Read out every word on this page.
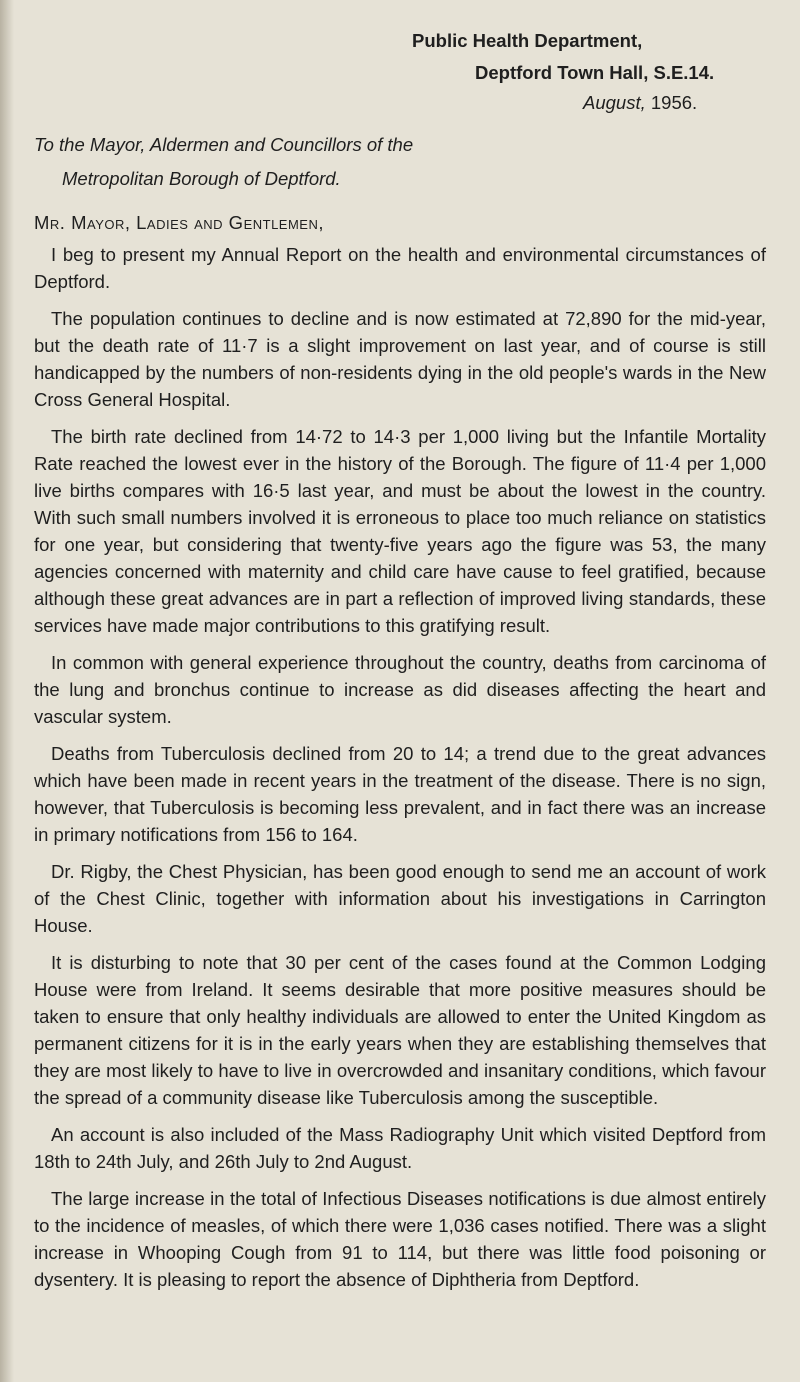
Public Health Department,
Deptford Town Hall, S.E.14.
August, 1956.
To the Mayor, Aldermen and Councillors of the
Metropolitan Borough of Deptford.
Mr. Mayor, Ladies and Gentlemen,

I beg to present my Annual Report on the health and environmental circumstances of Deptford.

The population continues to decline and is now estimated at 72,890 for the mid-year, but the death rate of 11·7 is a slight improvement on last year, and of course is still handicapped by the numbers of non-residents dying in the old people's wards in the New Cross General Hospital.

The birth rate declined from 14·72 to 14·3 per 1,000 living but the Infantile Mortality Rate reached the lowest ever in the history of the Borough. The figure of 11·4 per 1,000 live births compares with 16·5 last year, and must be about the lowest in the country. With such small numbers involved it is erroneous to place too much reliance on statistics for one year, but considering that twenty-five years ago the figure was 53, the many agencies concerned with maternity and child care have cause to feel gratified, because although these great advances are in part a reflection of improved living standards, these services have made major contributions to this gratifying result.

In common with general experience throughout the country, deaths from carcinoma of the lung and bronchus continue to increase as did diseases affecting the heart and vascular system.

Deaths from Tuberculosis declined from 20 to 14; a trend due to the great advances which have been made in recent years in the treatment of the disease. There is no sign, however, that Tuberculosis is becoming less prevalent, and in fact there was an increase in primary notifications from 156 to 164.

Dr. Rigby, the Chest Physician, has been good enough to send me an account of work of the Chest Clinic, together with information about his investigations in Carrington House.

It is disturbing to note that 30 per cent of the cases found at the Common Lodging House were from Ireland. It seems desirable that more positive measures should be taken to ensure that only healthy individuals are allowed to enter the United Kingdom as permanent citizens for it is in the early years when they are establishing themselves that they are most likely to have to live in overcrowded and insanitary conditions, which favour the spread of a community disease like Tuberculosis among the susceptible.

An account is also included of the Mass Radiography Unit which visited Deptford from 18th to 24th July, and 26th July to 2nd August.

The large increase in the total of Infectious Diseases notifications is due almost entirely to the incidence of measles, of which there were 1,036 cases notified. There was a slight increase in Whooping Cough from 91 to 114, but there was little food poisoning or dysentery. It is pleasing to report the absence of Diphtheria from Deptford.
